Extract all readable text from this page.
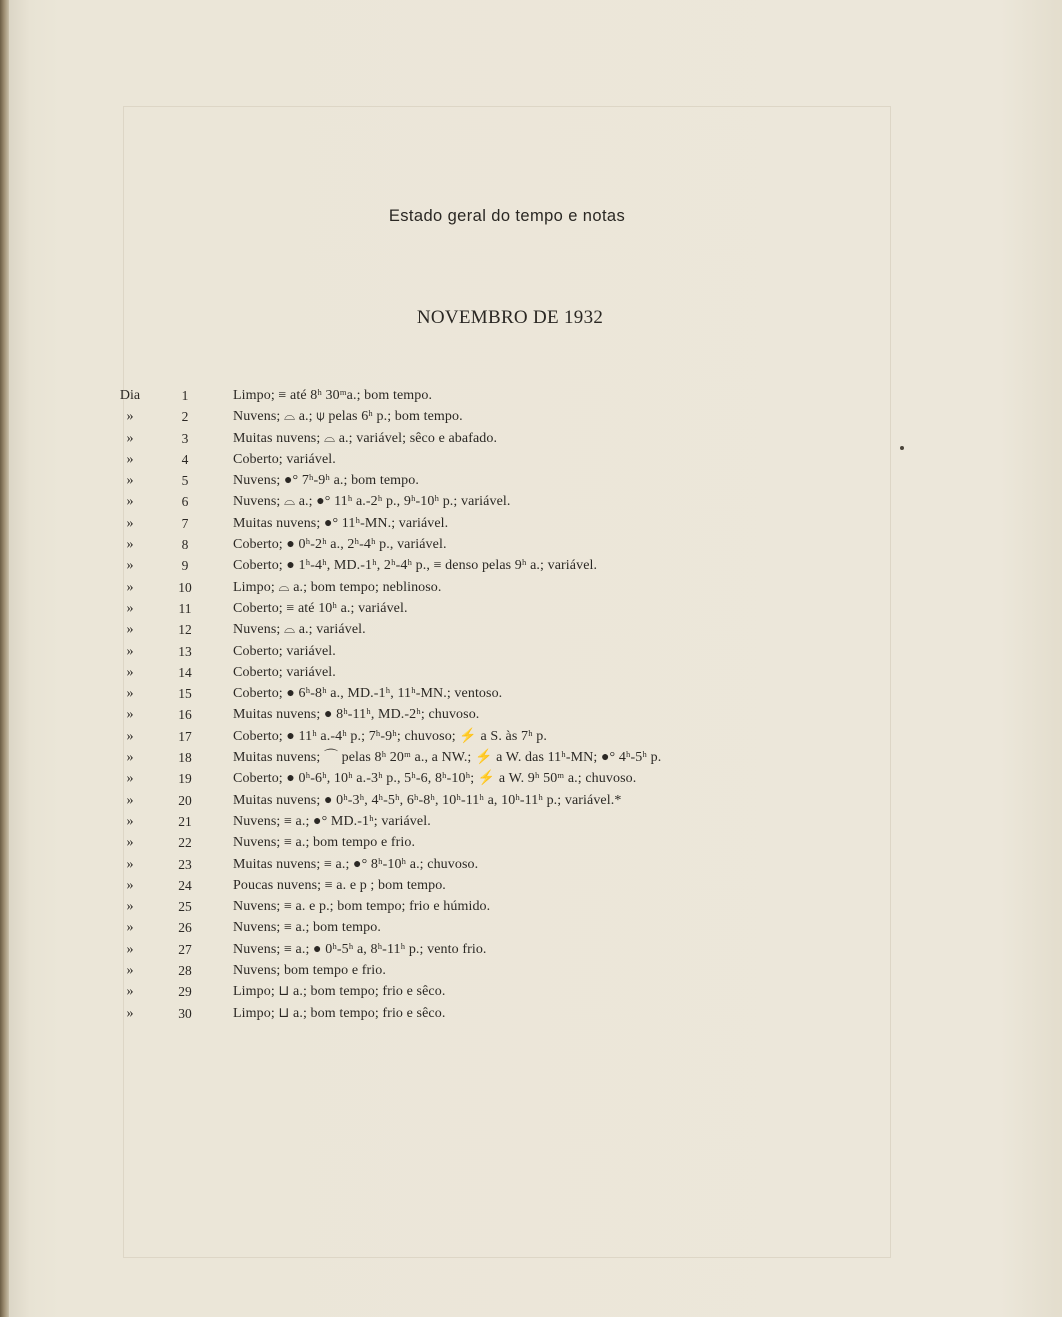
Estado geral do tempo e notas
NOVEMBRO DE 1932
Dia	1	Limpo; ≡ até 8ʰ 30ᵐa.; bom tempo.
»	2	Nuvens; ⌓ a.; ⍦ pelas 6ʰ p.; bom tempo.
»	3	Muitas nuvens; ⌓ a.; variável; sêco e abafado.
»	4	Coberto; variável.
»	5	Nuvens; ●° 7ʰ-9ʰ a.; bom tempo.
»	6	Nuvens; ⌓ a.; ●° 11ʰ a.-2ʰ p., 9ʰ-10ʰ p.; variável.
»	7	Muitas nuvens; ●° 11ʰ-MN.; variável.
»	8	Coberto; ● 0ʰ-2ʰ a., 2ʰ-4ʰ p., variável.
»	9	Coberto; ● 1ʰ-4ʰ, MD.-1ʰ, 2ʰ-4ʰ p., ≡ denso pelas 9ʰ a.; variável.
»	10	Limpo; ⌓ a.; bom tempo; neblinoso.
»	11	Coberto; ≡ até 10ʰ a.; variável.
»	12	Nuvens; ⌓ a.; variável.
»	13	Coberto; variável.
»	14	Coberto; variável.
»	15	Coberto; ● 6ʰ-8ʰ a., MD.-1ʰ, 11ʰ-MN.; ventoso.
»	16	Muitas nuvens; ● 8ʰ-11ʰ, MD.-2ʰ; chuvoso.
»	17	Coberto; ● 11ʰ a.-4ʰ p.; 7ʰ-9ʰ; chuvoso; ⚡ a S. às 7ʰ p.
»	18	Muitas nuvens; ⌒ pelas 8ʰ 20ᵐ a., a NW.; ⚡ a W. das 11ʰ-MN; ●° 4ʰ-5ʰ p.
»	19	Coberto; ● 0ʰ-6ʰ, 10ʰ a.-3ʰ p., 5ʰ-6, 8ʰ-10ʰ; ⚡ a W. 9ʰ 50ᵐ a.; chuvoso.
»	20	Muitas nuvens; ● 0ʰ-3ʰ, 4ʰ-5ʰ, 6ʰ-8ʰ, 10ʰ-11ʰ a, 10ʰ-11ʰ p.; variável.*
»	21	Nuvens; ≡ a.; ●° MD.-1ʰ; variável.
»	22	Nuvens; ≡ a.; bom tempo e frio.
»	23	Muitas nuvens; ≡ a.; ●° 8ʰ-10ʰ a.; chuvoso.
»	24	Poucas nuvens; ≡ a. e p ; bom tempo.
»	25	Nuvens; ≡ a. e p.; bom tempo; frio e húmido.
»	26	Nuvens; ≡ a.; bom tempo.
»	27	Nuvens; ≡ a.; ● 0ʰ-5ʰ a, 8ʰ-11ʰ p.; vento frio.
»	28	Nuvens; bom tempo e frio.
»	29	Limpo; ⊔ a.; bom tempo; frio e sêco.
»	30	Limpo; ⊔ a.; bom tempo; frio e sêco.
